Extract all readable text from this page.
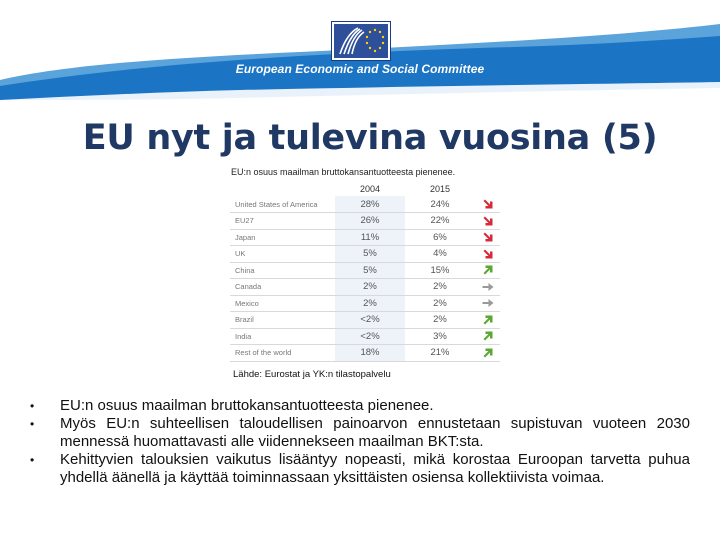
European Economic and Social Committee
EU nyt ja tulevina vuosina (5)
EU:n osuus maailman bruttokansantuotteesta pienenee.
	2004	2015	
United States of America	28%	24%	

EU27	26%	22%	

Japan	11%	6%	

UK	5%	4%	

China	5%	15%	

Canada	2%	2%	

Mexico	2%	2%	

Brazil	<2%	2%	

India	<2%	3%	

Rest of the world	18%	21%	
Lähde: Eurostat ja YK:n tilastopalvelu
• EU:n osuus maailman bruttokansantuotteesta pienenee.
• Myös EU:n suhteellisen taloudellisen painoarvon ennustetaan supistuvan vuoteen 2030 mennessä huomattavasti alle viidennekseen maailman BKT:sta.
• Kehittyvien talouksien vaikutus lisääntyy nopeasti, mikä korostaa Euroopan tarvetta puhua yhdellä äänellä ja käyttää toiminnassaan yksittäisten osiensa kollektiivista voimaa.
